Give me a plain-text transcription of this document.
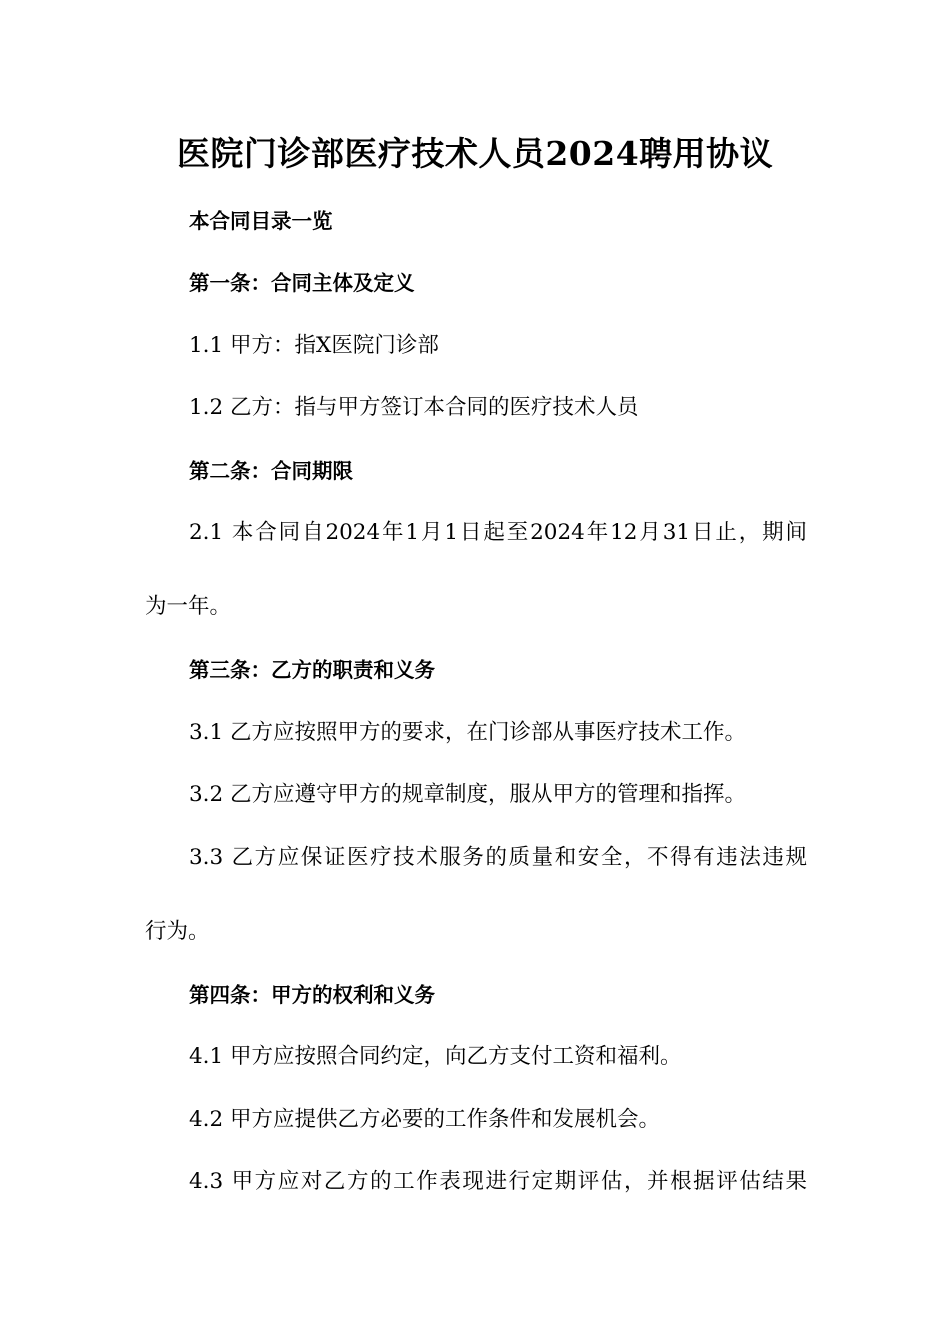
医院门诊部医疗技术人员2024聘用协议

本合同目录一览

第一条：合同主体及定义

1.1 甲方：指X医院门诊部

1.2 乙方：指与甲方签订本合同的医疗技术人员

第二条：合同期限

2.1 本合同自2024年1月1日起至2024年12月31日止，期间

为一年。

第三条：乙方的职责和义务

3.1 乙方应按照甲方的要求，在门诊部从事医疗技术工作。

3.2 乙方应遵守甲方的规章制度，服从甲方的管理和指挥。

3.3 乙方应保证医疗技术服务的质量和安全，不得有违法违规

行为。

第四条：甲方的权利和义务

4.1 甲方应按照合同约定，向乙方支付工资和福利。

4.2 甲方应提供乙方必要的工作条件和发展机会。

4.3 甲方应对乙方的工作表现进行定期评估，并根据评估结果
